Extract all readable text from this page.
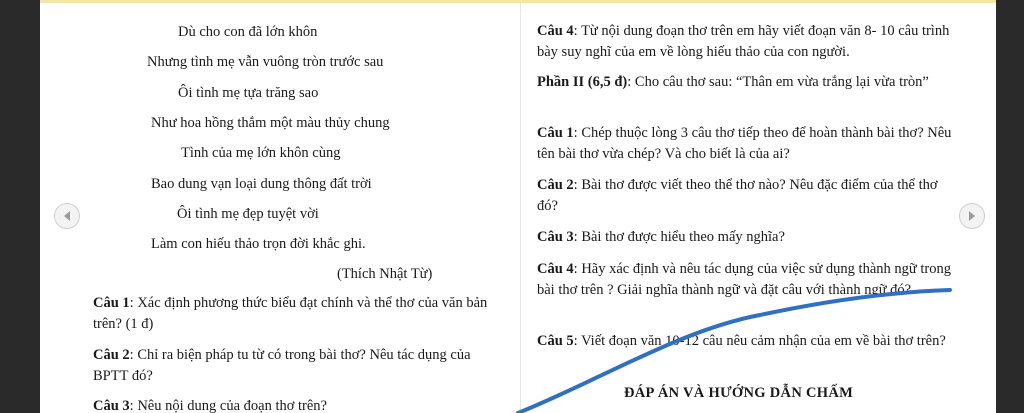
Dù cho con đã lớn khôn
Nhưng tình mẹ vẫn vuông tròn trước sau
Ôi tình mẹ tựa trăng sao
Như hoa hồng thắm một màu thủy chung
Tình của mẹ lớn khôn cùng
Bao dung vạn loại dung thông đất trời
Ôi tình mẹ đẹp tuyệt vời
Làm con hiếu thảo trọn đời khắc ghi.
(Thích Nhật Từ)
Câu 1: Xác định phương thức biểu đạt chính và thể thơ của văn bản trên? (1 đ)
Câu 2: Chỉ ra biện pháp tu từ có trong bài thơ? Nêu tác dụng của BPTT đó?
Câu 3: Nêu nội dung của đoạn thơ trên?
Câu 4: Từ nội dung đoạn thơ trên em hãy viết đoạn văn 8- 10 câu trình bày suy nghĩ của em về lòng hiếu thảo của con người.
Phần II (6,5 đ): Cho câu thơ sau: “Thân em vừa trắng lại vừa tròn”
Câu 1: Chép thuộc lòng 3 câu thơ tiếp theo để hoàn thành bài thơ? Nêu tên bài thơ vừa chép? Và cho biết là của ai?
Câu 2: Bài thơ được viết theo thể thơ nào? Nêu đặc điểm của thể thơ đó?
Câu 3: Bài thơ được hiểu theo mấy nghĩa?
Câu 4: Hãy xác định và nêu tác dụng của việc sử dụng thành ngữ trong bài thơ trên ? Giải nghĩa thành ngữ và đặt câu với thành ngữ đó?
Câu 5: Viết đoạn văn 10-12 câu nêu cảm nhận của em về bài thơ trên?
ĐÁP ÁN VÀ HƯỚNG DẪN CHẤM
